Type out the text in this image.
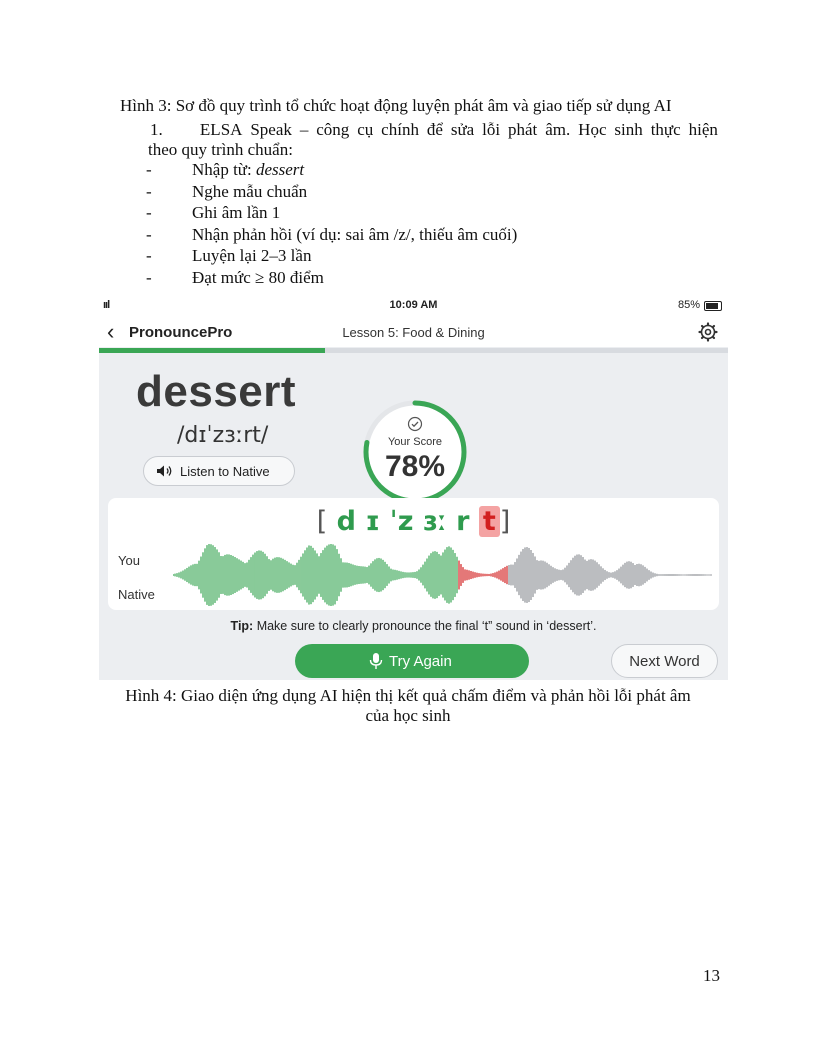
Hình 3: Sơ đồ quy trình tổ chức hoạt động luyện phát âm và giao tiếp sử dụng AI
1.	ELSA Speak – công cụ chính để sửa lỗi phát âm. Học sinh thực hiện
theo quy trình chuẩn:
- Nhập từ: dessert
- Nghe mẫu chuẩn
- Ghi âm lần 1
- Nhận phản hồi (ví dụ: sai âm /z/, thiếu âm cuối)
- Luyện lại 2–3 lần
- Đạt mức ≥ 80 điểm
ııl	10:09 AM	85%
‹ PronouncePro	Lesson 5: Food & Dining
dessert
/dɪˈzɜːrt/
Listen to Native
Your Score
78%
[ d ɪ ˈz ɜː r t ]
You
Native
Tip: Make sure to clearly pronounce the final ‘t” sound in ‘dessert’.
Try Again	Next Word
Hình 4: Giao diện ứng dụng AI hiện thị kết quả chấm điểm và phản hồi lỗi phát âm
của học sinh
13
